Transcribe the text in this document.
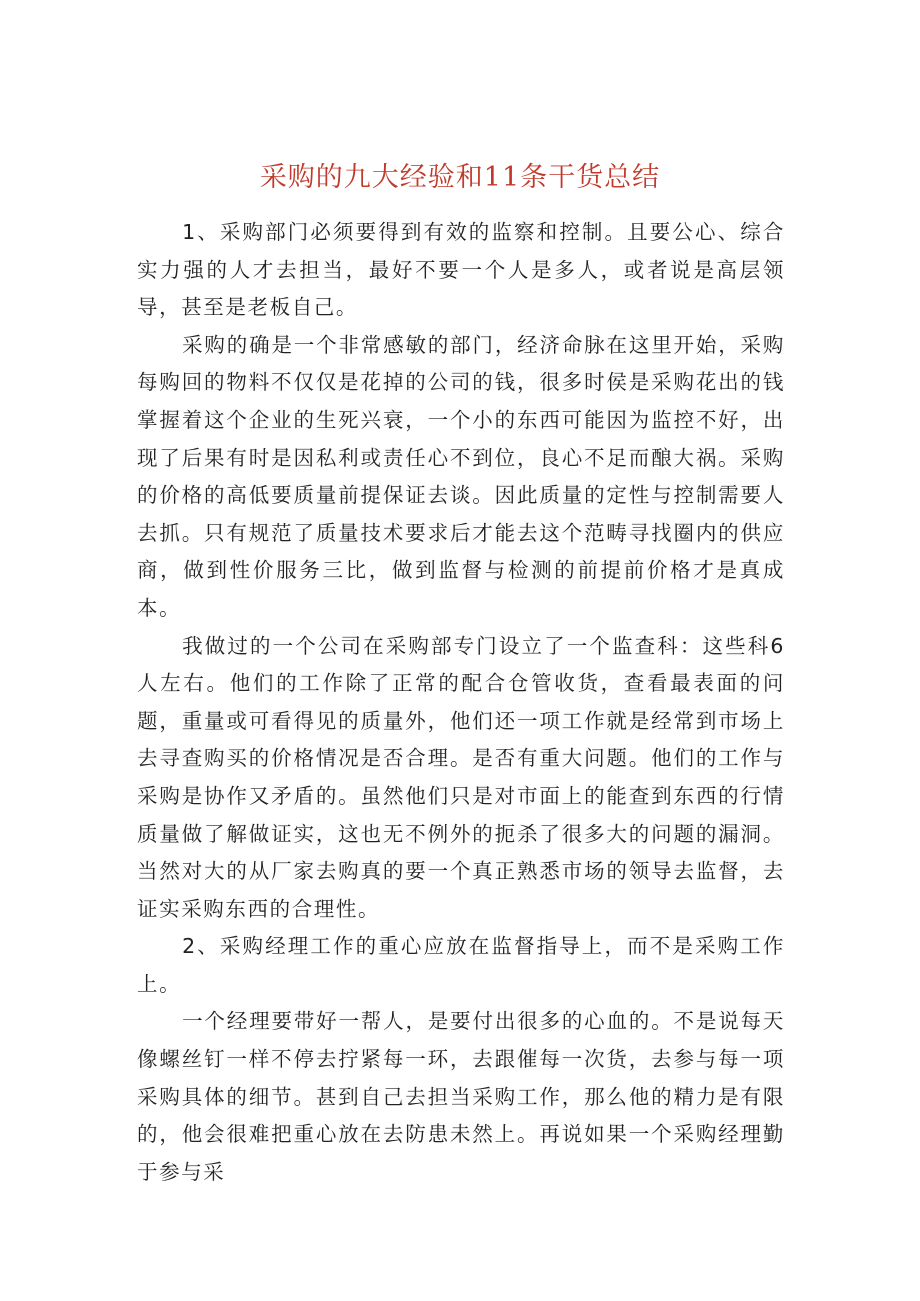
采购的九大经验和11条干货总结

1、采购部门必须要得到有效的监察和控制。且要公心、综合实力强的人才去担当，最好不要一个人是多人，或者说是高层领导，甚至是老板自己。

采购的确是一个非常感敏的部门，经济命脉在这里开始，采购每购回的物料不仅仅是花掉的公司的钱，很多时侯是采购花出的钱掌握着这个企业的生死兴衰，一个小的东西可能因为监控不好，出现了后果有时是因私利或责任心不到位，良心不足而酿大祸。采购的价格的高低要质量前提保证去谈。因此质量的定性与控制需要人去抓。只有规范了质量技术要求后才能去这个范畴寻找圈内的供应商，做到性价服务三比，做到监督与检测的前提前价格才是真成本。

我做过的一个公司在采购部专门设立了一个监查科：这些科6人左右。他们的工作除了正常的配合仓管收货，查看最表面的问题，重量或可看得见的质量外，他们还一项工作就是经常到市场上去寻查购买的价格情况是否合理。是否有重大问题。他们的工作与采购是协作又矛盾的。虽然他们只是对市面上的能查到东西的行情质量做了解做证实，这也无不例外的扼杀了很多大的问题的漏洞。当然对大的从厂家去购真的要一个真正熟悉市场的领导去监督，去证实采购东西的合理性。

2、采购经理工作的重心应放在监督指导上，而不是采购工作上。

一个经理要带好一帮人，是要付出很多的心血的。不是说每天像螺丝钉一样不停去拧紧每一环，去跟催每一次货，去参与每一项采购具体的细节。甚到自己去担当采购工作，那么他的精力是有限的，他会很难把重心放在去防患未然上。再说如果一个采购经理勤于参与采
